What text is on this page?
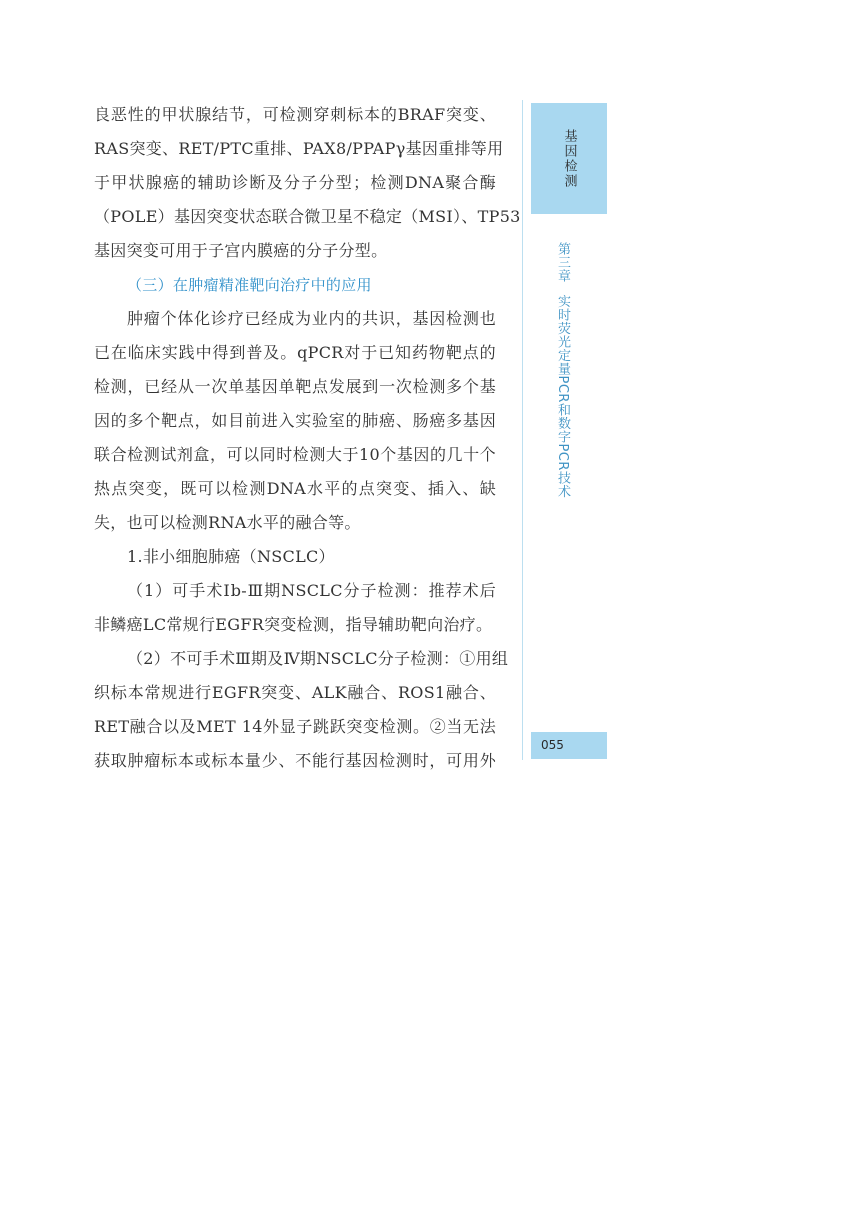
良恶性的甲状腺结节，可检测穿刺标本的BRAF突变、
RAS突变、RET/PTC重排、PAX8/PPAPγ基因重排等用
于甲状腺癌的辅助诊断及分子分型；检测DNA聚合酶
（POLE）基因突变状态联合微卫星不稳定（MSI）、TP53
基因突变可用于子宫内膜癌的分子分型。
（三）在肿瘤精准靶向治疗中的应用
肿瘤个体化诊疗已经成为业内的共识，基因检测也
已在临床实践中得到普及。qPCR对于已知药物靶点的
检测，已经从一次单基因单靶点发展到一次检测多个基
因的多个靶点，如目前进入实验室的肺癌、肠癌多基因
联合检测试剂盒，可以同时检测大于10个基因的几十个
热点突变，既可以检测DNA水平的点突变、插入、缺
失，也可以检测RNA水平的融合等。
1.非小细胞肺癌（NSCLC）
（1）可手术Ⅰb-Ⅲ期NSCLC分子检测：推荐术后
非鳞癌LC常规行EGFR突变检测，指导辅助靶向治疗。
（2）不可手术Ⅲ期及Ⅳ期NSCLC分子检测：①用组
织标本常规进行EGFR突变、ALK融合、ROS1融合、
RET融合以及MET 14外显子跳跃突变检测。②当无法
获取肿瘤标本或标本量少、不能行基因检测时，可用外
基因检测
第三章实时荧光定量PCR和数字PCR技术
055
